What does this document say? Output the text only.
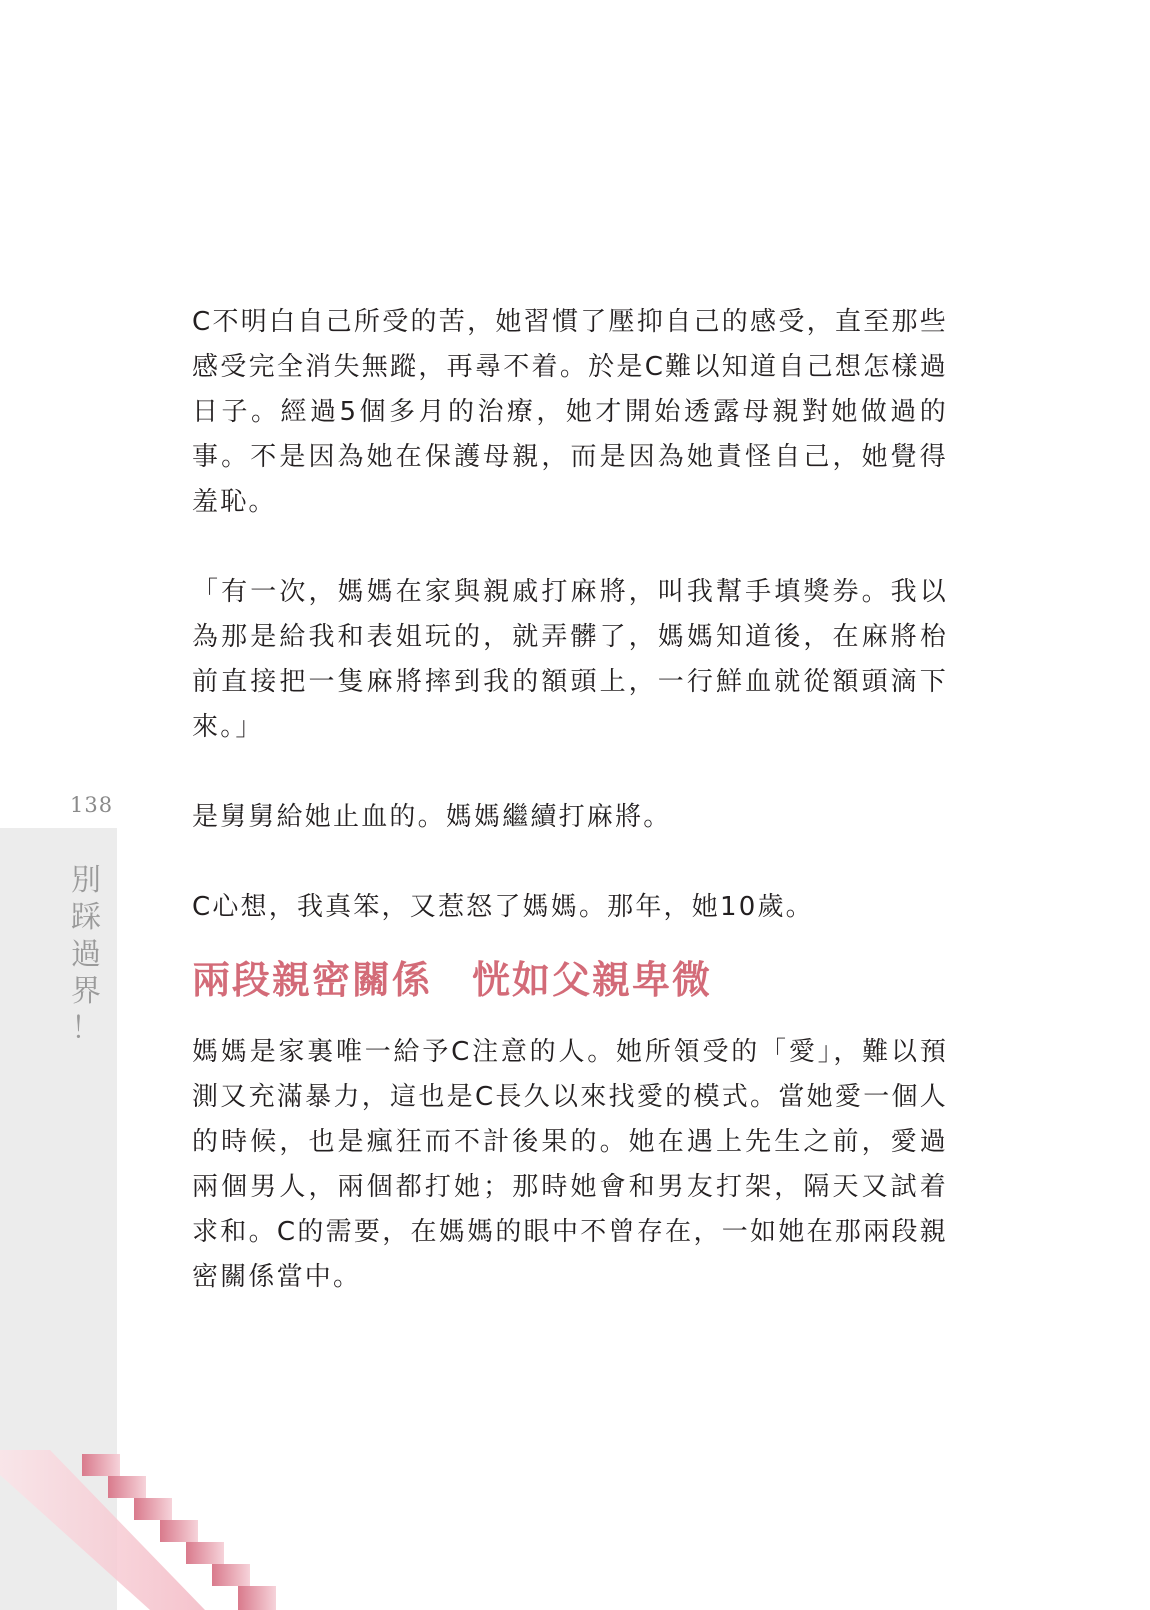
138
別
踩
過
界
！

C不明白自己所受的苦，她習慣了壓抑自己的感受，直至那些感受完全消失無蹤，再尋不着。於是C難以知道自己想怎樣過日子。經過5個多月的治療，她才開始透露母親對她做過的事。不是因為她在保護母親，而是因為她責怪自己，她覺得羞恥。

「有一次，媽媽在家與親戚打麻將，叫我幫手填獎券。我以為那是給我和表姐玩的，就弄髒了，媽媽知道後，在麻將枱前直接把一隻麻將摔到我的額頭上，一行鮮血就從額頭滴下來。」

是舅舅給她止血的。媽媽繼續打麻將。

C心想，我真笨，又惹怒了媽媽。那年，她10歲。

兩段親密關係　恍如父親卑微

媽媽是家裏唯一給予C注意的人。她所領受的「愛」，難以預測又充滿暴力，這也是C長久以來找愛的模式。當她愛一個人的時候，也是瘋狂而不計後果的。她在遇上先生之前，愛過兩個男人，兩個都打她；那時她會和男友打架，隔天又試着求和。C的需要，在媽媽的眼中不曾存在，一如她在那兩段親密關係當中。
